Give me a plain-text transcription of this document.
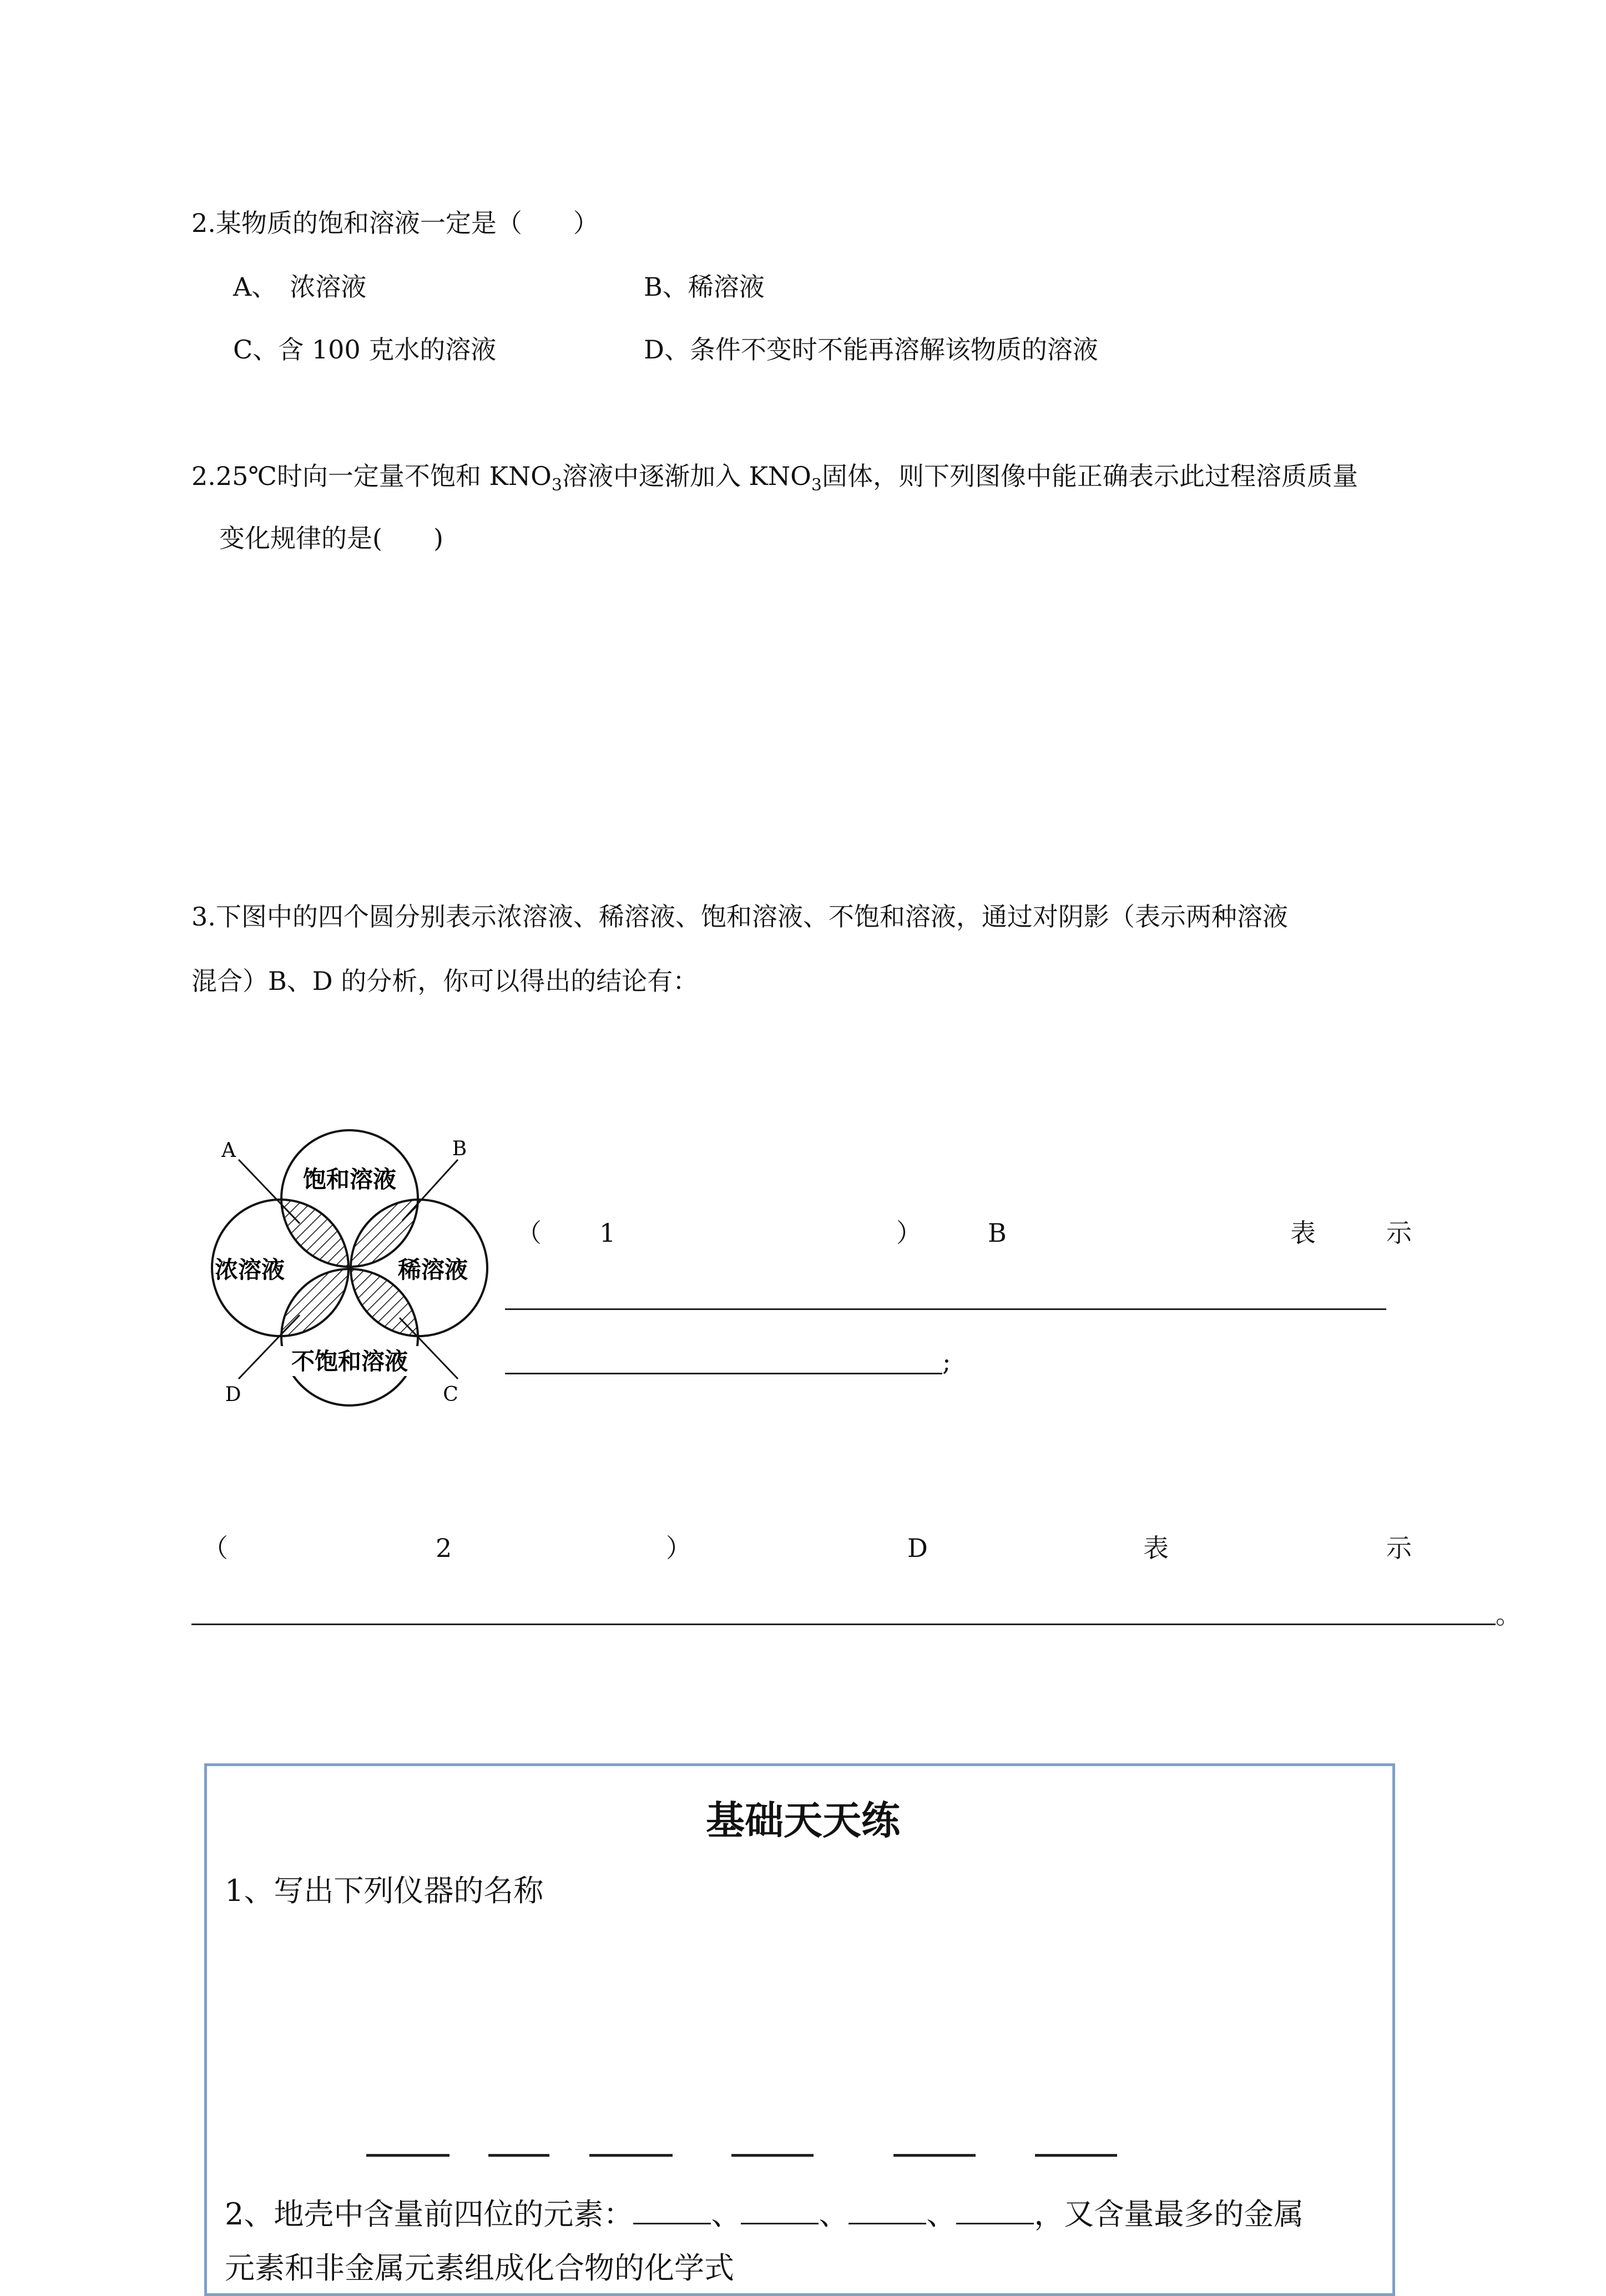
2.某物质的饱和溶液一定是（　　）
A、　浓溶液	B、稀溶液
C、含 100 克水的溶液	D、条件不变时不能再溶解该物质的溶液
2.25℃时向一定量不饱和 $KNO_3$溶液中逐渐加入 $KNO_3$固体，则下列图像中能正确表示此过程溶质质量
变化规律的是(　　)
3.下图中的四个圆分别表示浓溶液、稀溶液、饱和溶液、不饱和溶液，通过对阴影（表示两种溶液
混合）B、D 的分析，你可以得出的结论有：
饱和溶液
浓溶液	稀溶液
不饱和溶液
A	B
D	C
（ 1	）	B	表	示
;
（	2	）	D	表	示
。
基础天天练
1、写出下列仪器的名称
2、地壳中含量前四位的元素：	、	、	、	，又含量最多的金属
元素和非金属元素组成化合物的化学式
